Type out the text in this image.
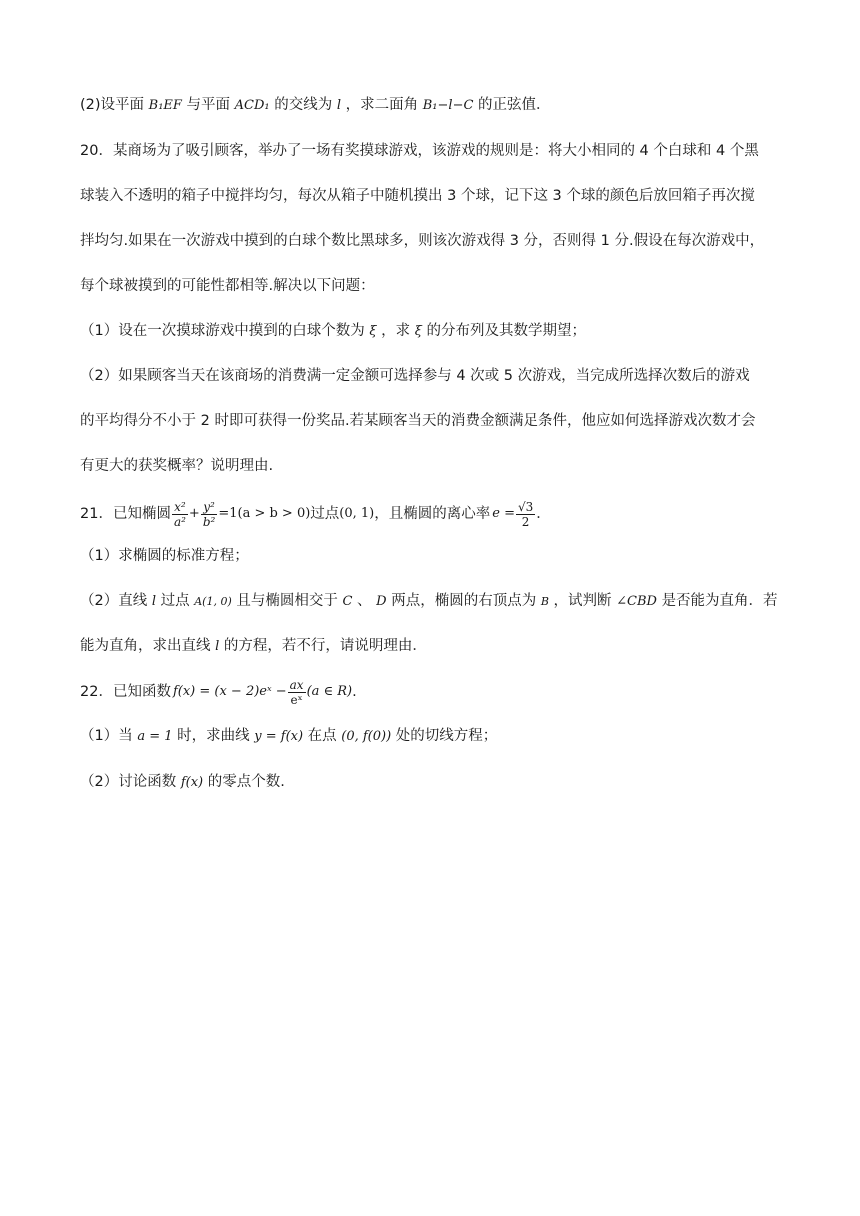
(2)设平面 B₁EF 与平面 ACD₁ 的交线为 l ，求二面角 B₁−l−C 的正弦值．
20．某商场为了吸引顾客，举办了一场有奖摸球游戏，该游戏的规则是：将大小相同的 4 个白球和 4 个黑
球装入不透明的箱子中搅拌均匀，每次从箱子中随机摸出 3 个球，记下这 3 个球的颜色后放回箱子再次搅
拌均匀.如果在一次游戏中摸到的白球个数比黑球多，则该次游戏得 3 分，否则得 1 分.假设在每次游戏中，
每个球被摸到的可能性都相等.解决以下问题：
（1）设在一次摸球游戏中摸到的白球个数为 ξ ，求 ξ 的分布列及其数学期望；
（2）如果顾客当天在该商场的消费满一定金额可选择参与 4 次或 5 次游戏，当完成所选择次数后的游戏
的平均得分不小于 2 时即可获得一份奖品.若某顾客当天的消费金额满足条件，他应如何选择游戏次数才会
有更大的获奖概率？说明理由.
21．已知椭圆 $\frac{\text{x²}}{\text{a²}} + \frac{\text{y²}}{\text{b²}} =1(a > b > 0)$ 过点 (0, 1) ，且椭圆的离心率 $e = \frac{√3}{2}$ ．
（1）求椭圆的标准方程；
（2）直线 l 过点 A(1, 0) 且与椭圆相交于 C 、 D 两点，椭圆的右顶点为 B ，试判断 ∠CBD 是否能为直角．若
能为直角，求出直线 l 的方程，若不行，请说明理由．
22．已知函数 f(x) = (x − 2)eˣ − $\frac{ax}{\text{eˣ}} (a$ ∈ R) .
（1）当 a = 1 时，求曲线 y = f(x) 在点 (0, f(0)) 处的切线方程；
（2）讨论函数 f(x) 的零点个数.
